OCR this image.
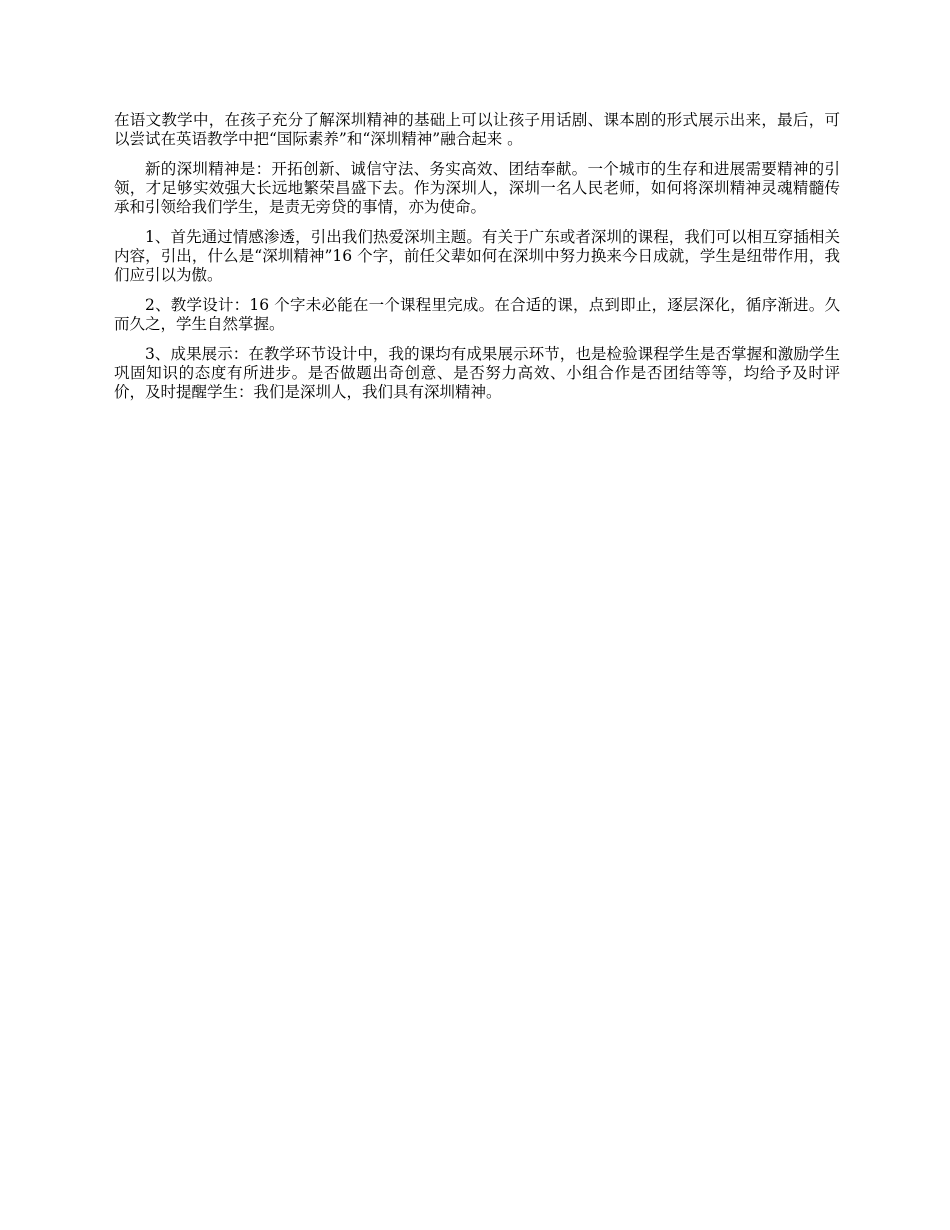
在语文教学中，在孩子充分了解深圳精神的基础上可以让孩子用话剧、课本剧的形式展示出来，最后，可以尝试在英语教学中把“国际素养”和“深圳精神”融合起来 。

新的深圳精神是：开拓创新、诚信守法、务实高效、团结奉献。一个城市的生存和进展需要精神的引领，才足够实效强大长远地繁荣昌盛下去。作为深圳人，深圳一名人民老师，如何将深圳精神灵魂精髓传承和引领给我们学生，是责无旁贷的事情，亦为使命。

1、首先通过情感渗透，引出我们热爱深圳主题。有关于广东或者深圳的课程，我们可以相互穿插相关内容，引出，什么是“深圳精神”16 个字，前任父辈如何在深圳中努力换来今日成就，学生是纽带作用，我们应引以为傲。

2、教学设计：16 个字未必能在一个课程里完成。在合适的课，点到即止，逐层深化，循序渐进。久而久之，学生自然掌握。

3、成果展示：在教学环节设计中，我的课均有成果展示环节，也是检验课程学生是否掌握和激励学生巩固知识的态度有所进步。是否做题出奇创意、是否努力高效、小组合作是否团结等等，均给予及时评价，及时提醒学生：我们是深圳人，我们具有深圳精神。
